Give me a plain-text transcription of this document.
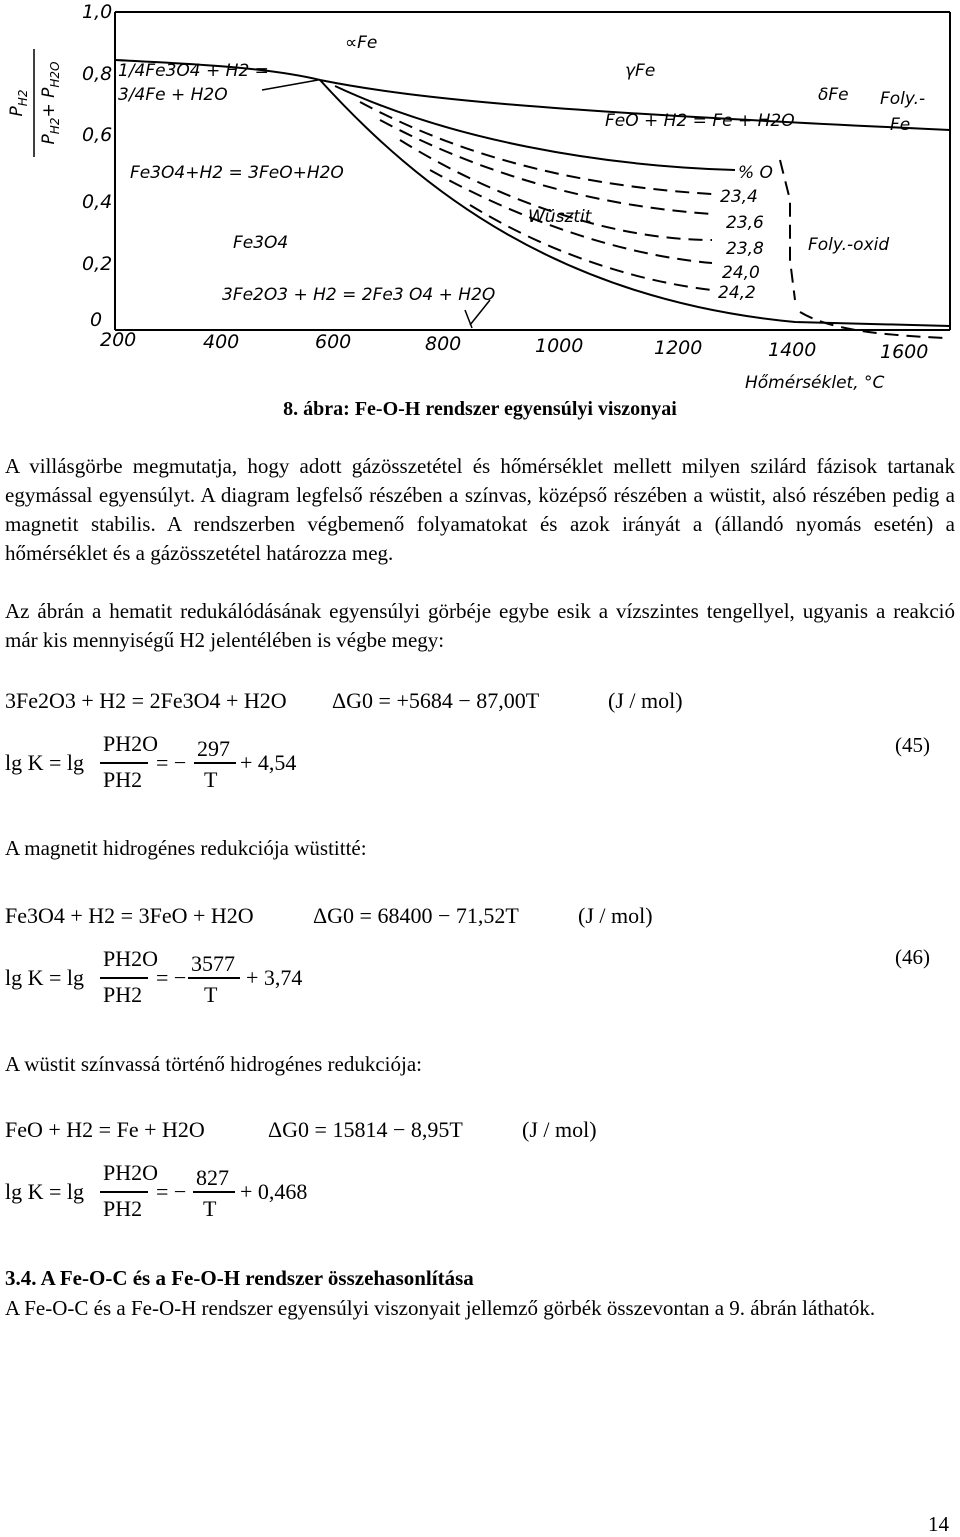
$P_{H2}$
$P_{H2}+ P_{H2O}$
1,0
0,8
0,6
0,4
0,2
0
200	400	600	800	1000	1200	1400	1600
Hőmérséklet, °C
1/4Fe3O4 + H2 =
3/4Fe + H2O
∝Fe
γFe
δFe Foly.-
Fe
FeO + H2 = Fe + H2O
Fe3O4+H2 = 3FeO+H2O
Fe3O4
Wüsztit
3Fe2O3 + H2 = 2Fe3 O4 + H2O
% O
23,4
23,6
23,8
24,0
24,2
Foly.-oxid
8. ábra: Fe-O-H rendszer egyensúlyi viszonyai
A villásgörbe megmutatja, hogy adott gázösszetétel és hőmérséklet mellett milyen szilárd fázisok tartanak egymással egyensúlyt. A diagram legfelső részében a színvas, középső részében a wüstit, alsó részében pedig a magnetit stabilis. A rendszerben végbemenő folyamatokat és azok irányát a (állandó nyomás esetén) a hőmérséklet és a gázösszetétel határozza meg.
Az ábrán a hematit redukálódásának egyensúlyi görbéje egybe esik a vízszintes tengellyel, ugyanis a reakció már kis mennyiségű H2 jelentélében is végbe megy:
3Fe2O3 + H2 = 2Fe3O4 + H2O ΔG0 = +5684 − 87,00T	(J / mol)
lg K = lg
PH2O
PH2
= −
297
T
+ 4,54
(45)
A magnetit hidrogénes redukciója wüstitté:
Fe3O4 + H2 = 3FeO + H2O	ΔG0 = 68400 − 71,52T	(J / mol)
lg K = lg
PH2O
PH2
= −
3577
T
+ 3,74
(46)
A wüstit színvassá történő hidrogénes redukciója:
FeO + H2 = Fe + H2O	ΔG0 = 15814 − 8,95T	(J / mol)
lg K = lg
PH2O
PH2
= −
827
T
+ 0,468
3.4. A Fe-O-C és a Fe-O-H rendszer összehasonlítása
A Fe-O-C és a Fe-O-H rendszer egyensúlyi viszonyait jellemző görbék összevontan a 9. ábrán láthatók.
14
